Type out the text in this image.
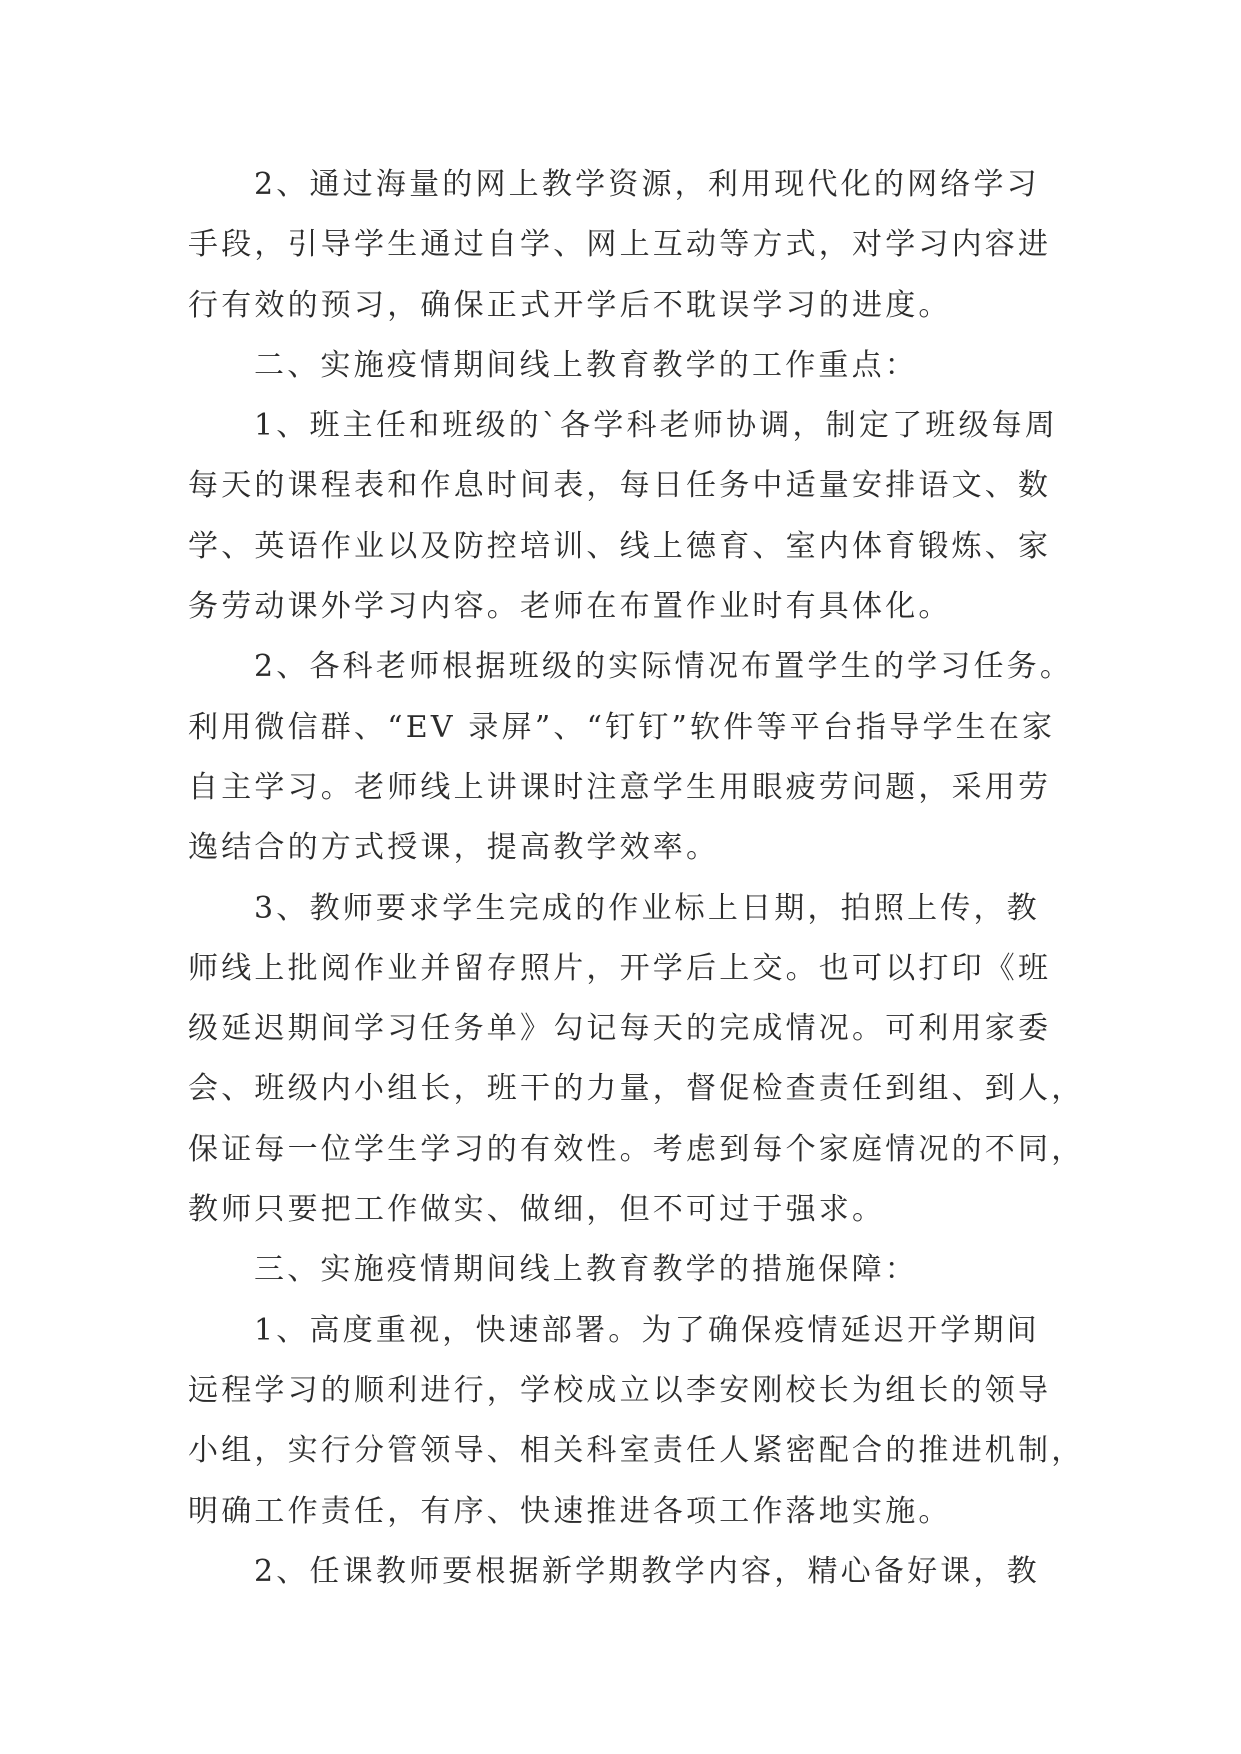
2、通过海量的网上教学资源，利用现代化的网络学习
手段，引导学生通过自学、网上互动等方式，对学习内容进
行有效的预习，确保正式开学后不耽误学习的进度。

二、实施疫情期间线上教育教学的工作重点：

1、班主任和班级的`各学科老师协调，制定了班级每周
每天的课程表和作息时间表，每日任务中适量安排语文、数
学、英语作业以及防控培训、线上德育、室内体育锻炼、家
务劳动课外学习内容。老师在布置作业时有具体化。

2、各科老师根据班级的实际情况布置学生的学习任务。
利用微信群、“EV 录屏”、“钉钉”软件等平台指导学生在家
自主学习。老师线上讲课时注意学生用眼疲劳问题，采用劳
逸结合的方式授课，提高教学效率。

3、教师要求学生完成的作业标上日期，拍照上传，教
师线上批阅作业并留存照片，开学后上交。也可以打印《班
级延迟期间学习任务单》勾记每天的完成情况。可利用家委
会、班级内小组长，班干的力量，督促检查责任到组、到人，
保证每一位学生学习的有效性。考虑到每个家庭情况的不同，
教师只要把工作做实、做细，但不可过于强求。

三、实施疫情期间线上教育教学的措施保障：

1、高度重视，快速部署。为了确保疫情延迟开学期间
远程学习的顺利进行，学校成立以李安刚校长为组长的领导
小组，实行分管领导、相关科室责任人紧密配合的推进机制，
明确工作责任，有序、快速推进各项工作落地实施。

2、任课教师要根据新学期教学内容，精心备好课，教
